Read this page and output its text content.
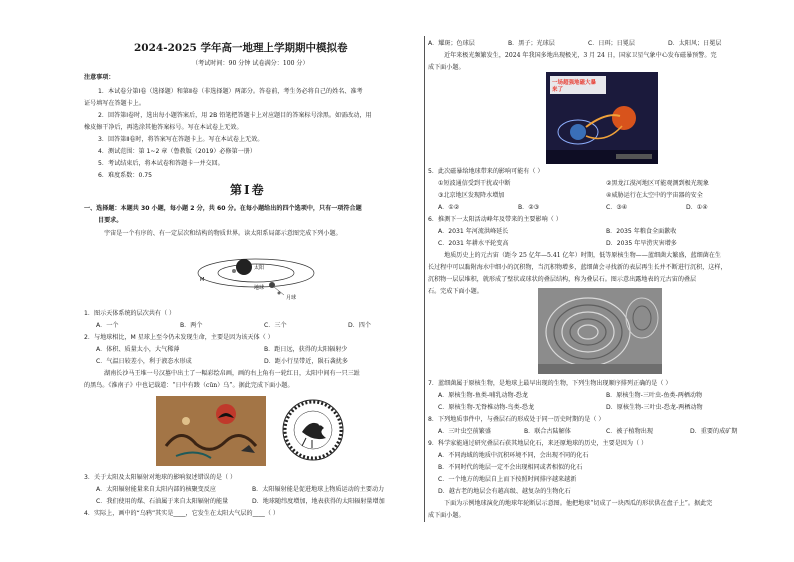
2024-2025 学年高一地理上学期期中模拟卷
（考试时间：90 分钟 试卷满分：100 分）
注意事项：
1．本试卷分第Ⅰ卷（选择题）和第Ⅱ卷（非选择题）两部分。答卷前，考生务必将自己的姓名、准考
证号填写在答题卡上。
2．回答第Ⅰ卷时，选出每小题答案后，用 2B 铅笔把答题卡上对应题目的答案标号涂黑。如需改动，用
橡皮擦干净后，再选涂其他答案标号。写在本试卷上无效。
3．回答第Ⅱ卷时，将答案写在答题卡上。写在本试卷上无效。
4．测试范围：第 1~2 章（鲁教版（2019）必修第一册）
5．考试结束后，将本试卷和答题卡一并交回。
6．难度系数：0.75
第Ⅰ卷
一、选择题：本题共 30 小题，每小题 2 分，共 60 分。在每小题给出的四个选项中，只有一项符合题
目要求。
宇宙是一个有序的、有一定层次和结构的物质世界。读太阳系局部示意图完成下列小题。
太阳
M
地球
月球
1．图示天体系统的层次共有（ ）
A．一个	B．两个	C．三个	D．四个
2．与地球相比，M 星球上至今仍未发现生命，主要是因为该天体（ ）
A．体积、质量太小，大气稀薄	B．距日远，获得的太阳辐射少
C．气温日较差小，利于液态水形成	D．距小行星带近，陨石袭扰多
湖南长沙马王堆一号汉墓中出土了一幅彩绘帛画，画的右上角有一轮红日，太阳中间有一只三趾
的黑鸟。《淮南子》中也记载道：“日中有踆（cūn）乌”。据此完成下面小题。
3．关于太阳及太阳辐射对地球的影响叙述错误的是（ ）
A．太阳辐射能量来自太阳内部的核聚变反应	B．太阳辐射能是促进地球上物质运动的主要动力
C．我们使用的煤、石油属于来自太阳辐射的能量	D．地球随纬度增加，地表获得的太阳辐射量增加
4．实际上，画中的“乌鸦”其实是____，它发生在太阳大气层的____（ ）
A．耀斑；色球层	B．黑子；光球层	C．日珥；日冕层	D．太阳风；日冕层
近年来极光频繁发生，2024 年我国多地出现极光，3 月 24 日，国家卫星气象中心发布磁暴预警。完
成下面小题。
一场超强地磁大暴
来了
5．此次磁暴给地球带来的影响可能有（ ）
①短波通信受到干扰或中断	②黑龙江漠河地区可能观测到极光现象
③北京地区发现降水增加	④威胁运行在太空中的宇宙器的安全
A．①②	B．②③	C．③④	D．①④
6．推测下一太阳活动峰年及带来的主要影响（ ）
A．2031 年河流洪峰延长	B．2035 年粮食全面歉收
C．2031 年耕水平轮变高	D．2035 年旱涝灾害增多
地质历史上的元古宙（距今 25 亿年—5.41 亿年）时期，低等原核生物——蓝细菌大繁盛，蓝细菌在生
长过程中可以黏附海水中细小的沉积物，当沉积物增多，蓝细菌会寻找新的表层再生长并不断进行沉积，这样，
沉积物一层层堆积，就形成了壁状或球状的叠层结构，称为叠层石。图示意出露地表的元古宙的叠层
石。完成下面小题。
7．蓝细菌属于原核生物，是地球上最早出现的生物，下列生物出现顺序排列正确的是（ ）
A．原核生物-鱼类-哺乳动物-恐龙	B．原核生物-三叶虫-鱼类-两栖动物
C．原核生物-无脊椎动物-鸟类-恐龙	D．原核生物-三叶虫-恐龙-两栖动物
8．下列地质事件中，与叠层石的形成处于同一历史时期的是（ ）
A．三叶虫空前繁盛	B．联合古陆解体	C．被子植物出现	D．重要的成矿期
9．科学家能通过研究叠层石获其地层化石，来还原地球的历史，主要是因为（ ）
A．不同海域的地质中沉积环境不同，会出现不同的化石
B．不同时代的地层一定不会出现相同或者相似的化石
C．一个地方的地层自上而下按照时间排序越来越新
D．越古老的地层会有越高级、越复杂的生物化石
下面为示例地球演化的地球年轮断层示意图。他把地球“切成了一块西瓜的形状供在盘子上”。据此完
成下面小题。
